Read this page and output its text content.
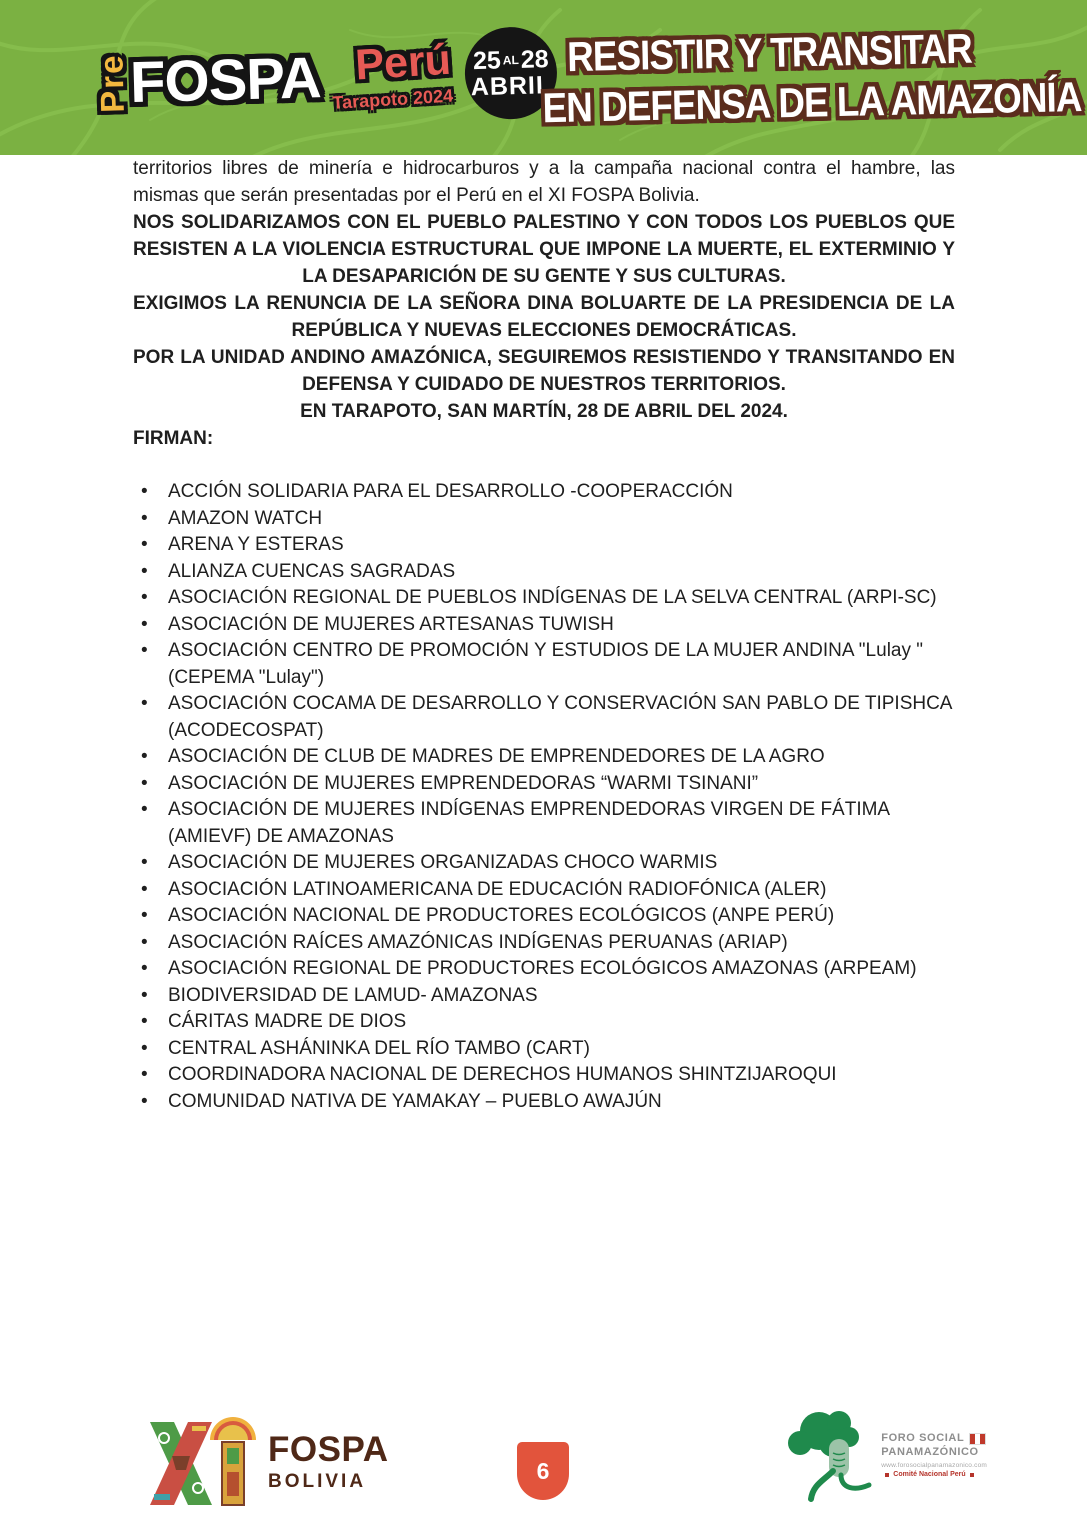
Pre
FOSPA Perú
Tarapoto 2024
25AL28
ABRIL
RESISTIR Y TRANSITAR
EN DEFENSA DE LA AMAZONÍA

territorios libres de minería e hidrocarburos y a la campaña nacional contra el hambre, las mismas que serán presentadas por el Perú en el XI FOSPA Bolivia.

NOS SOLIDARIZAMOS CON EL PUEBLO PALESTINO Y CON TODOS LOS PUEBLOS QUE RESISTEN A LA VIOLENCIA ESTRUCTURAL QUE IMPONE LA MUERTE, EL EXTERMINIO Y LA DESAPARICIÓN DE SU GENTE Y SUS CULTURAS.

EXIGIMOS LA RENUNCIA DE LA SEÑORA DINA BOLUARTE DE LA PRESIDENCIA DE LA REPÚBLICA Y NUEVAS ELECCIONES DEMOCRÁTICAS.

POR LA UNIDAD ANDINO AMAZÓNICA, SEGUIREMOS RESISTIENDO Y TRANSITANDO EN DEFENSA Y CUIDADO DE NUESTROS TERRITORIOS.

EN TARAPOTO, SAN MARTÍN, 28 DE ABRIL DEL 2024.

FIRMAN:

• ACCIÓN SOLIDARIA PARA EL DESARROLLO -COOPERACCIÓN
• AMAZON WATCH
• ARENA Y ESTERAS
• ALIANZA CUENCAS SAGRADAS
• ASOCIACIÓN REGIONAL DE PUEBLOS INDÍGENAS DE LA SELVA CENTRAL (ARPI-SC)
• ASOCIACIÓN DE MUJERES ARTESANAS TUWISH
• ASOCIACIÓN CENTRO DE PROMOCIÓN Y ESTUDIOS DE LA MUJER ANDINA "Lulay " (CEPEMA "Lulay")
• ASOCIACIÓN COCAMA DE DESARROLLO Y CONSERVACIÓN SAN PABLO DE TIPISHCA (ACODECOSPAT)
• ASOCIACIÓN DE CLUB DE MADRES DE EMPRENDEDORES DE LA AGRO
• ASOCIACIÓN DE MUJERES EMPRENDEDORAS “WARMI TSINANI”
• ASOCIACIÓN DE MUJERES INDÍGENAS EMPRENDEDORAS VIRGEN DE FÁTIMA (AMIEVF) DE AMAZONAS
• ASOCIACIÓN DE MUJERES ORGANIZADAS CHOCO WARMIS
• ASOCIACIÓN LATINOAMERICANA DE EDUCACIÓN RADIOFÓNICA (ALER)
• ASOCIACIÓN NACIONAL DE PRODUCTORES ECOLÓGICOS (ANPE PERÚ)
• ASOCIACIÓN RAÍCES AMAZÓNICAS INDÍGENAS PERUANAS (ARIAP)
• ASOCIACIÓN REGIONAL DE PRODUCTORES ECOLÓGICOS AMAZONAS (ARPEAM)
• BIODIVERSIDAD DE LAMUD- AMAZONAS
• CÁRITAS MADRE DE DIOS
• CENTRAL ASHÁNINKA DEL RÍO TAMBO (CART)
• COORDINADORA NACIONAL DE DERECHOS HUMANOS SHINTZIJAROQUI
• COMUNIDAD NATIVA DE YAMAKAY – PUEBLO AWAJÚN
FOSPA
BOLIVIA	6
FORO SOCIAL
PANAMAZÓNICO
www.forosocialpanamazonico.com
Comité Nacional Perú
